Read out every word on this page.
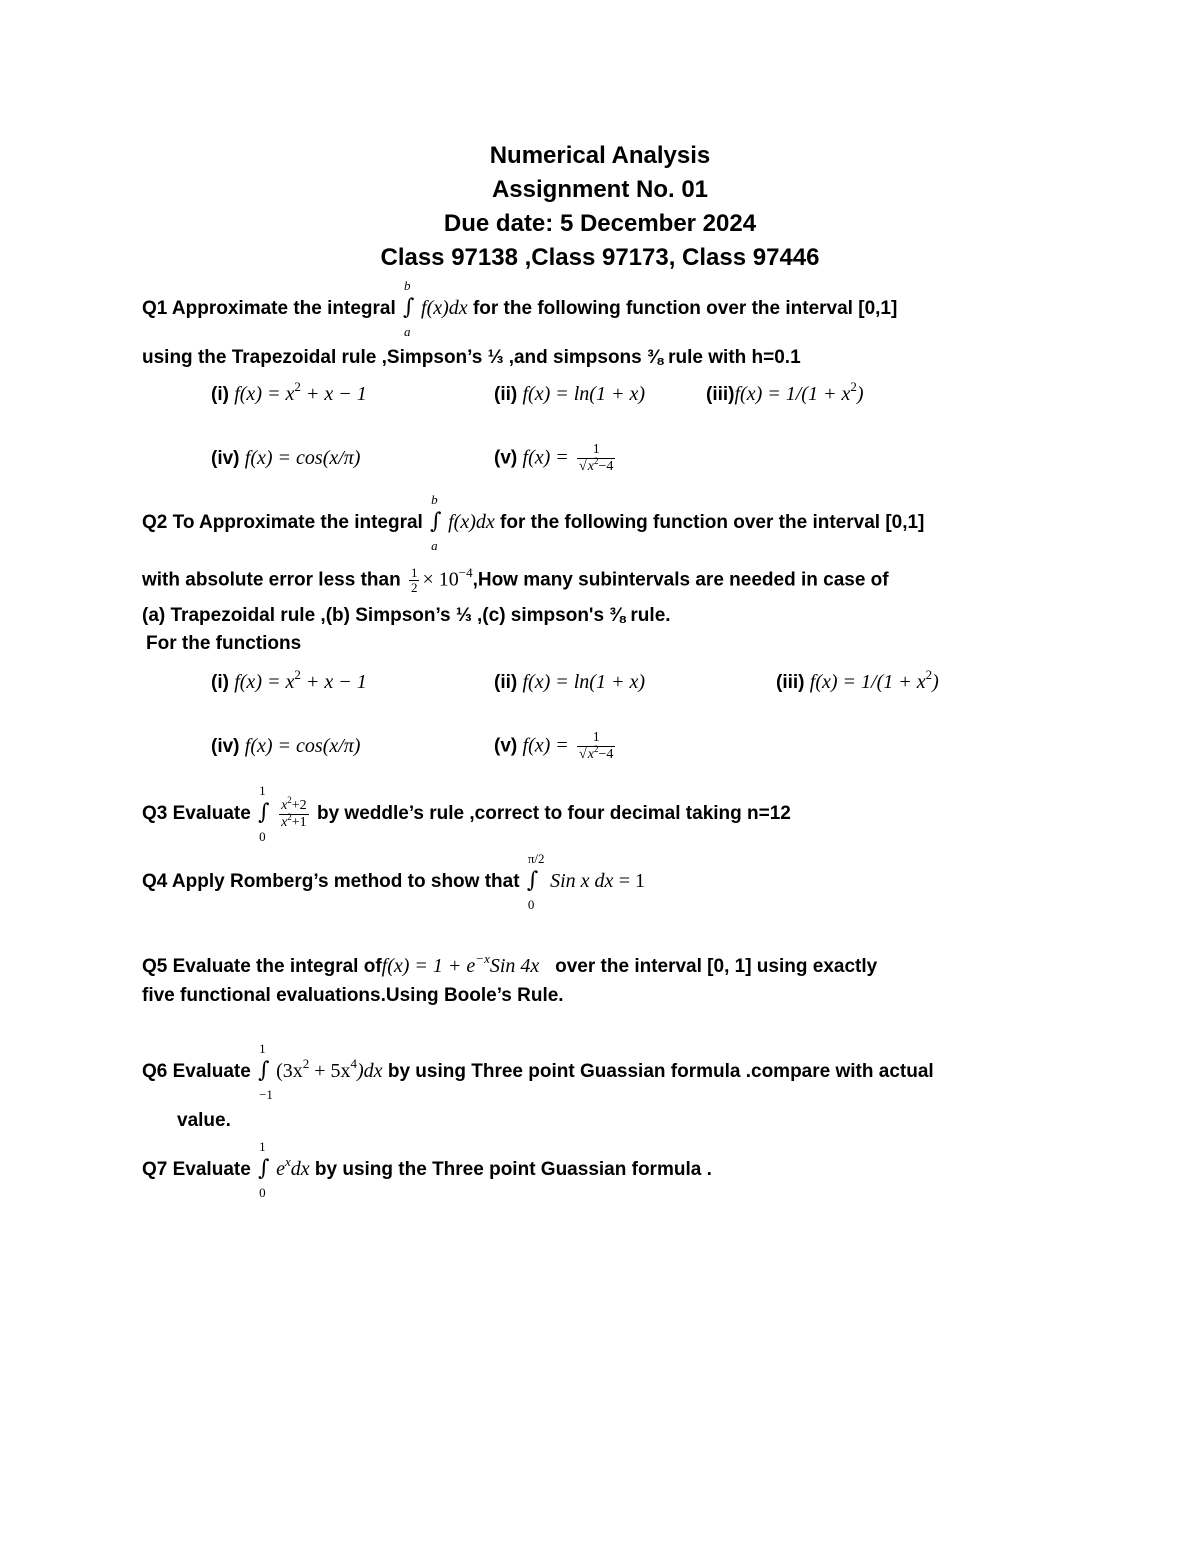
Numerical Analysis
Assignment No. 01
Due date: 5 December 2024
Class 97138 ,Class 97173, Class 97446
Q1 Approximate the integral
b
∫
a
f(x)dx for the following function over the interval [0,1]
using the Trapezoidal rule ,Simpson’s ⅓ ,and simpsons ⅜ rule with h=0.1
(i) $f(x) = x^2 + x - 1$	(ii) f(x) = ln(1 + x)	$(iii)f(x) = 1/(1 + x^2)$
(iv) f(x) = cos(x/π)	(v) $f(x) = \frac{1}{√x^2-4}$
Q2 To Approximate the integral
b
∫
a
f(x)dx for the following function over the interval [0,1]
with absolute error less than $\frac{1}{2} \times 10^{-4},How$ many subintervals are needed in case of
(a) Trapezoidal rule ,(b) Simpson’s ⅓ ,(c) simpson's ⅜ rule.
For the functions
(i) $f(x) = x^2 + x - 1$	(ii) f(x) = ln(1 + x)	(iii) $f(x) = 1/(1 + x^2)$
(iv) f(x) = cos(x/π)	(v) $f(x) = \frac{1}{√x^2-4}$
Q3 Evaluate
1
∫
0
$\frac{x^2+2}{x^2+1}$ by weddle’s rule ,correct to four decimal taking n=12
Q4 Apply Romberg’s method to show that
π/2
∫
0
Sin x dx = 1
Q5 Evaluate the integral $off(x) = 1 + e^{-x}Sin$ 4x over the interval [0, 1] using exactly
five functional evaluations.Using Boole’s Rule.
Q6 Evaluate
1
∫
−1
$(3x^2 + 5x^4)dx$ by using Three point Guassian formula .compare with actual
value.
Q7 Evaluate
1
∫
0
$e^xdx$ by using the Three point Guassian formula .
